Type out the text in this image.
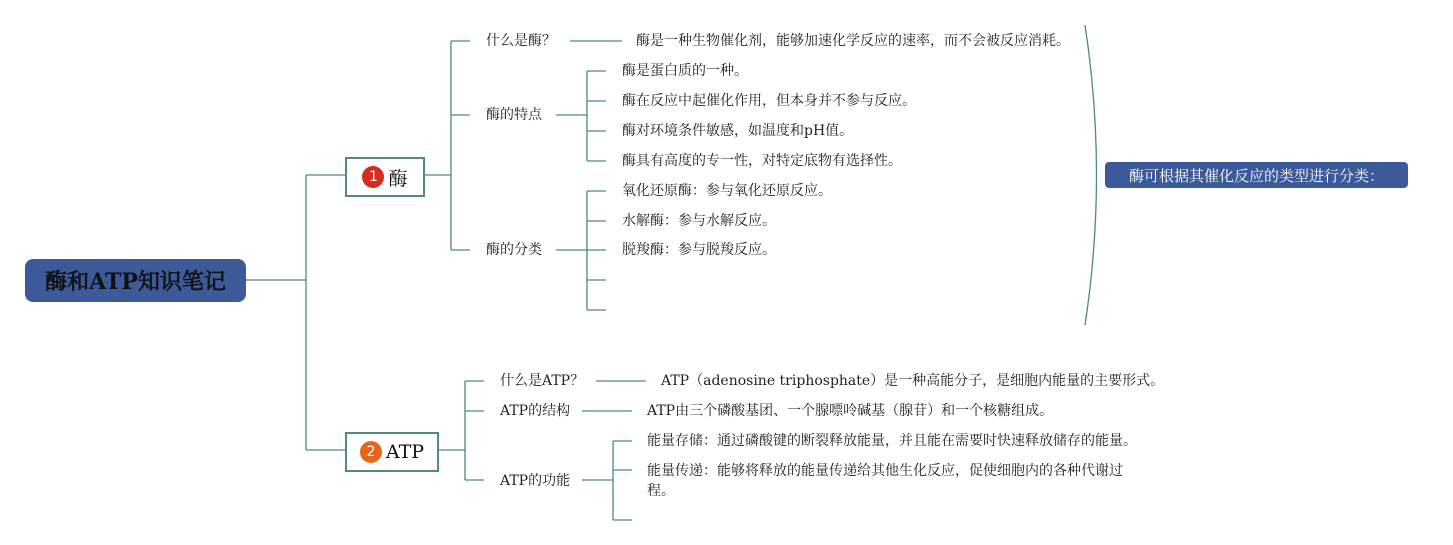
酶和ATP知识笔记
1 酶
什么是酶？	酶是一种生物催化剂，能够加速化学反应的速率，而不会被反应消耗。
酶的特点
酶是蛋白质的一种。
酶在反应中起催化作用，但本身并不参与反应。
酶对环境条件敏感，如温度和pH值。
酶具有高度的专一性，对特定底物有选择性。
酶的分类
氧化还原酶：参与氧化还原反应。
水解酶：参与水解反应。
脱羧酶：参与脱羧反应。
酶可根据其催化反应的类型进行分类：
2 ATP
什么是ATP？	ATP（adenosine triphosphate）是一种高能分子，是细胞内能量的主要形式。
ATP的结构	ATP由三个磷酸基团、一个腺嘌呤碱基（腺苷）和一个核糖组成。
ATP的功能
能量存储：通过磷酸键的断裂释放能量，并且能在需要时快速释放储存的能量。
能量传递：能够将释放的能量传递给其他生化反应，促使细胞内的各种代谢过程。
